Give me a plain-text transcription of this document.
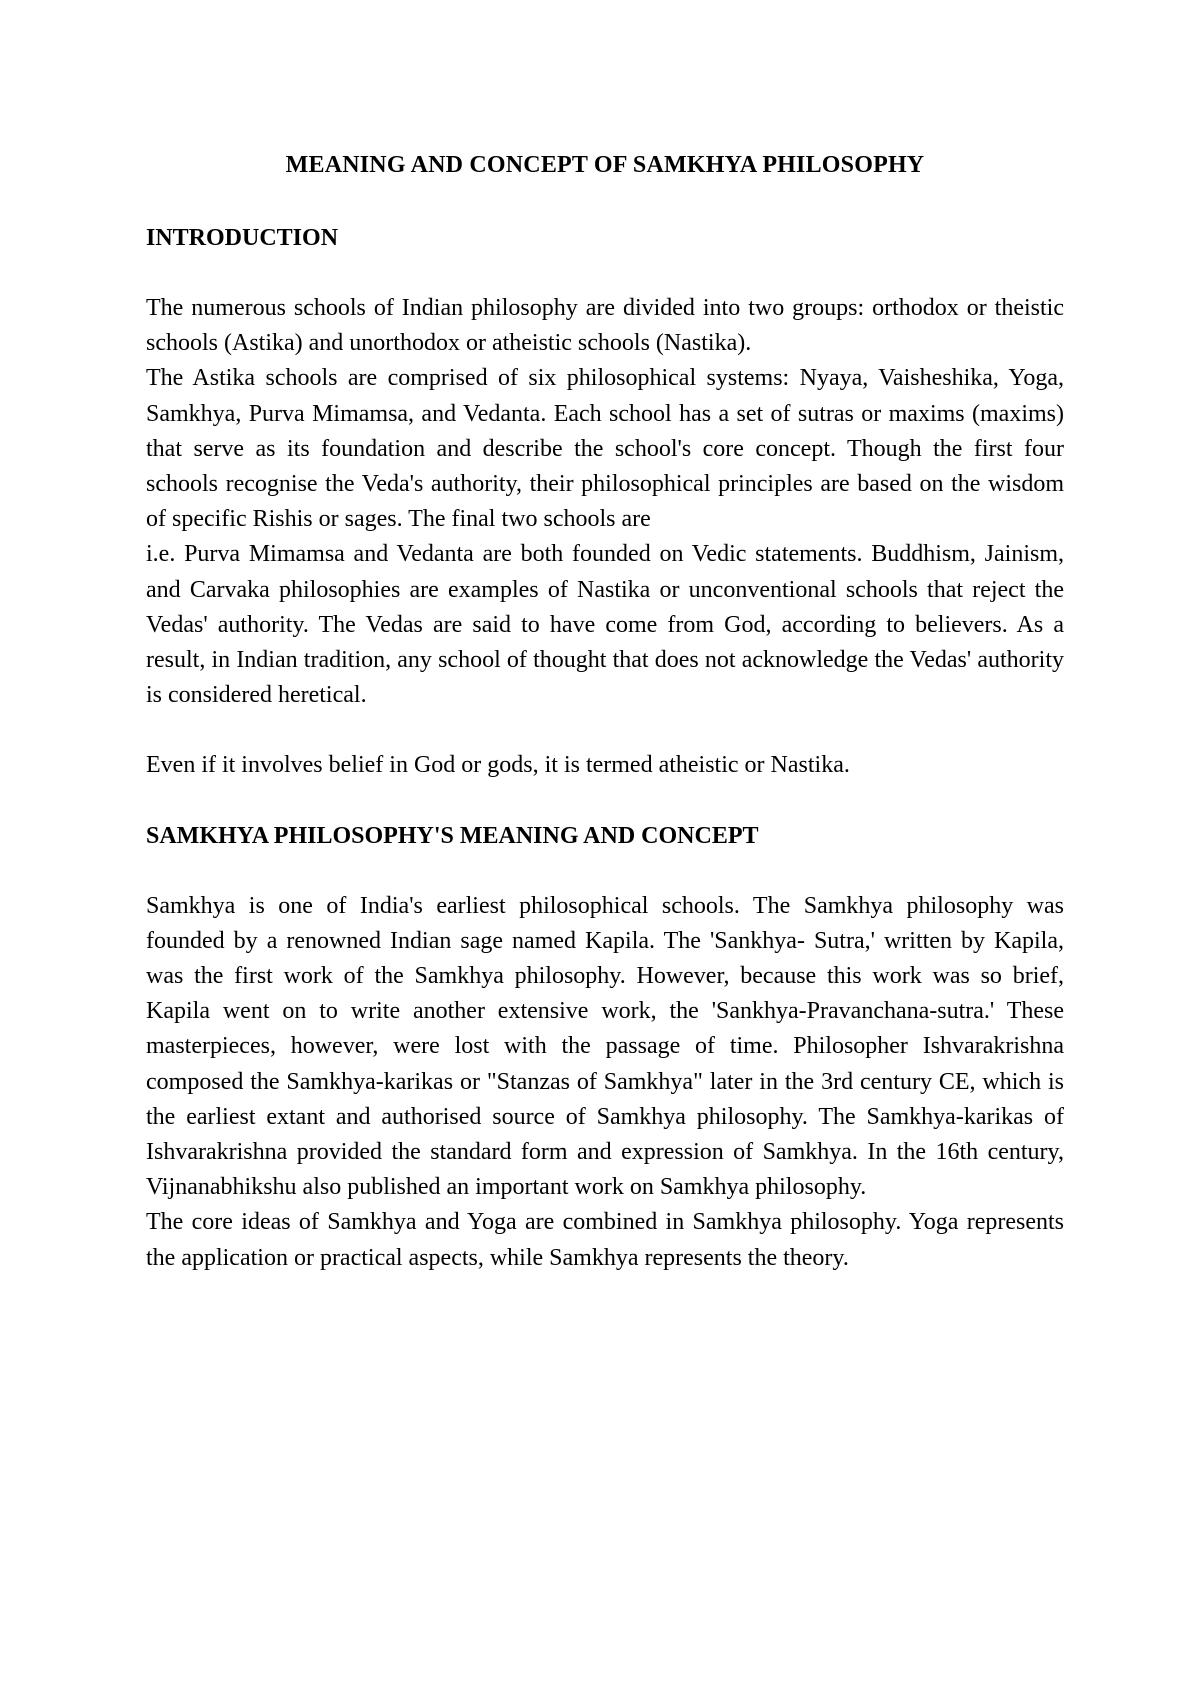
MEANING AND CONCEPT OF SAMKHYA PHILOSOPHY

INTRODUCTION

The numerous schools of Indian philosophy are divided into two groups: orthodox or theistic schools (Astika) and unorthodox or atheistic schools (Nastika).

The Astika schools are comprised of six philosophical systems: Nyaya, Vaisheshika, Yoga, Samkhya, Purva Mimamsa, and Vedanta. Each school has a set of sutras or maxims (maxims) that serve as its foundation and describe the school's core concept. Though the first four schools recognise the Veda's authority, their philosophical principles are based on the wisdom of specific Rishis or sages. The final two schools are

i.e. Purva Mimamsa and Vedanta are both founded on Vedic statements. Buddhism, Jainism, and Carvaka philosophies are examples of Nastika or unconventional schools that reject the Vedas' authority. The Vedas are said to have come from God, according to believers. As a result, in Indian tradition, any school of thought that does not acknowledge the Vedas' authority is considered heretical.

Even if it involves belief in God or gods, it is termed atheistic or Nastika.

SAMKHYA PHILOSOPHY'S MEANING AND CONCEPT

Samkhya is one of India's earliest philosophical schools. The Samkhya philosophy was founded by a renowned Indian sage named Kapila. The 'Sankhya- Sutra,' written by Kapila, was the first work of the Samkhya philosophy. However, because this work was so brief, Kapila went on to write another extensive work, the 'Sankhya-Pravanchana-sutra.' These masterpieces, however, were lost with the passage of time. Philosopher Ishvarakrishna composed the Samkhya-karikas or "Stanzas of Samkhya" later in the 3rd century CE, which is the earliest extant and authorised source of Samkhya philosophy. The Samkhya-karikas of Ishvarakrishna provided the standard form and expression of Samkhya. In the 16th century, Vijnanabhikshu also published an important work on Samkhya philosophy.

The core ideas of Samkhya and Yoga are combined in Samkhya philosophy. Yoga represents the application or practical aspects, while Samkhya represents the theory.
